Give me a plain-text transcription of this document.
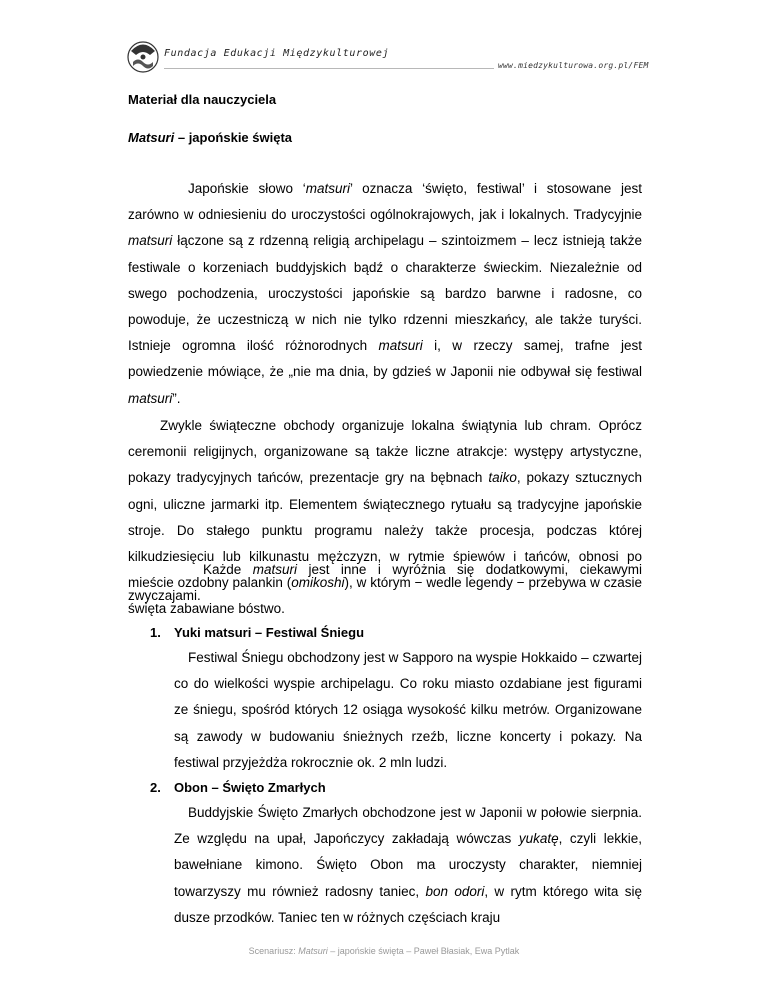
Fundacja Edukacji Międzykulturowej
www.miedzykulturowa.org.pl/FEM
Materiał dla nauczyciela
Matsuri – japońskie święta

Japońskie słowo ‘matsuri’ oznacza ‘święto, festiwal’ i stosowane jest zarówno w odniesieniu do uroczystości ogólnokrajowych, jak i lokalnych. Tradycyjnie matsuri łączone są z rdzenną religią archipelagu – szintoizmem – lecz istnieją także festiwale o korzeniach buddyjskich bądź o charakterze świeckim. Niezależnie od swego pochodzenia, uroczystości japońskie są bardzo barwne i radosne, co powoduje, że uczestniczą w nich nie tylko rdzenni mieszkańcy, ale także turyści. Istnieje ogromna ilość różnorodnych matsuri i, w rzeczy samej, trafne jest powiedzenie mówiące, że „nie ma dnia, by gdzieś w Japonii nie odbywał się festiwal matsuri”.

Zwykle świąteczne obchody organizuje lokalna świątynia lub chram. Oprócz ceremonii religijnych, organizowane są także liczne atrakcje: występy artystyczne, pokazy tradycyjnych tańców, prezentacje gry na bębnach taiko, pokazy sztucznych ogni, uliczne jarmarki itp. Elementem świątecznego rytuału są tradycyjne japońskie stroje. Do stałego punktu programu należy także procesja, podczas której kilkudziesięciu lub kilkunastu mężczyzn, w rytmie śpiewów i tańców, obnosi po mieście ozdobny palankin (omikoshi), w którym − wedle legendy − przebywa w czasie święta zabawiane bóstwo.

Każde matsuri jest inne i wyróżnia się dodatkowymi, ciekawymi zwyczajami.

1. Yuki matsuri – Festiwal Śniegu

Festiwal Śniegu obchodzony jest w Sapporo na wyspie Hokkaido – czwartej co do wielkości wyspie archipelagu. Co roku miasto ozdabiane jest figurami ze śniegu, spośród których 12 osiąga wysokość kilku metrów. Organizowane są zawody w budowaniu śnieżnych rzeźb, liczne koncerty i pokazy. Na festiwal przyjeżdża rokrocznie ok. 2 mln ludzi.

2. Obon – Święto Zmarłych

Buddyjskie Święto Zmarłych obchodzone jest w Japonii w połowie sierpnia. Ze względu na upał, Japończycy zakładają wówczas yukatę, czyli lekkie, bawełniane kimono. Święto Obon ma uroczysty charakter, niemniej towarzyszy mu również radosny taniec, bon odori, w rytm którego wita się dusze przodków. Taniec ten w różnych częściach kraju

Scenariusz: Matsuri – japońskie święta – Paweł Błasiak, Ewa Pytlak
